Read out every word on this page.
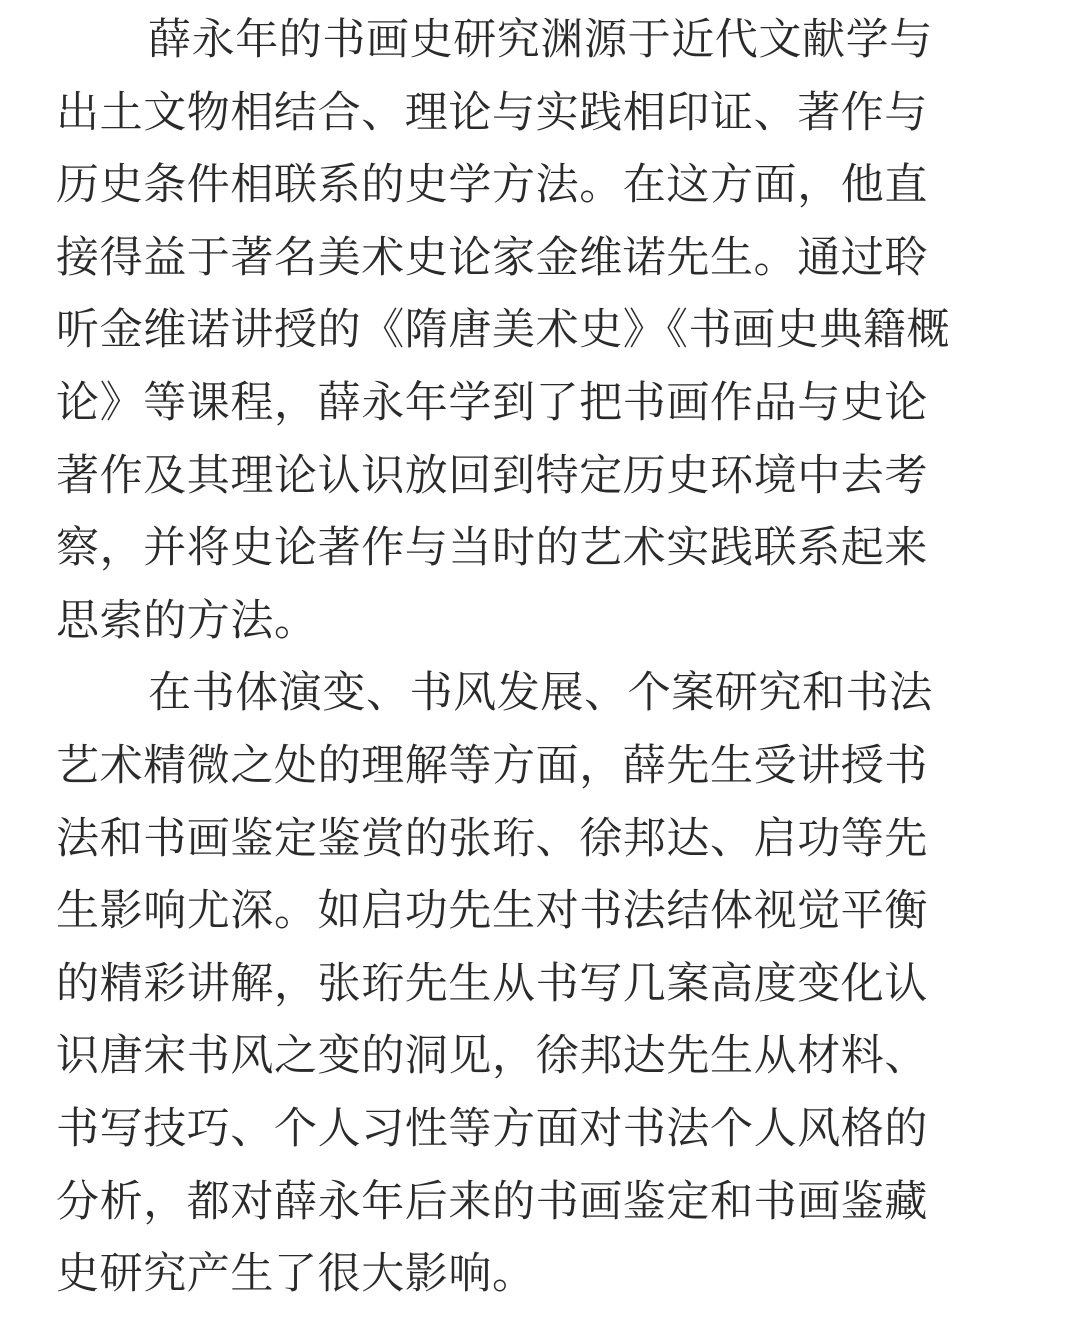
薛永年的书画史研究渊源于近代文献学与
出土文物相结合、理论与实践相印证、著作与
历史条件相联系的史学方法。在这方面，他直
接得益于著名美术史论家金维诺先生。通过聆
听金维诺讲授的《隋唐美术史》《书画史典籍概
论》等课程，薛永年学到了把书画作品与史论
著作及其理论认识放回到特定历史环境中去考
察，并将史论著作与当时的艺术实践联系起来
思索的方法。
在书体演变、书风发展、个案研究和书法
艺术精微之处的理解等方面，薛先生受讲授书
法和书画鉴定鉴赏的张珩、徐邦达、启功等先
生影响尤深。如启功先生对书法结体视觉平衡
的精彩讲解，张珩先生从书写几案高度变化认
识唐宋书风之变的洞见，徐邦达先生从材料、
书写技巧、个人习性等方面对书法个人风格的
分析，都对薛永年后来的书画鉴定和书画鉴藏
史研究产生了很大影响。
